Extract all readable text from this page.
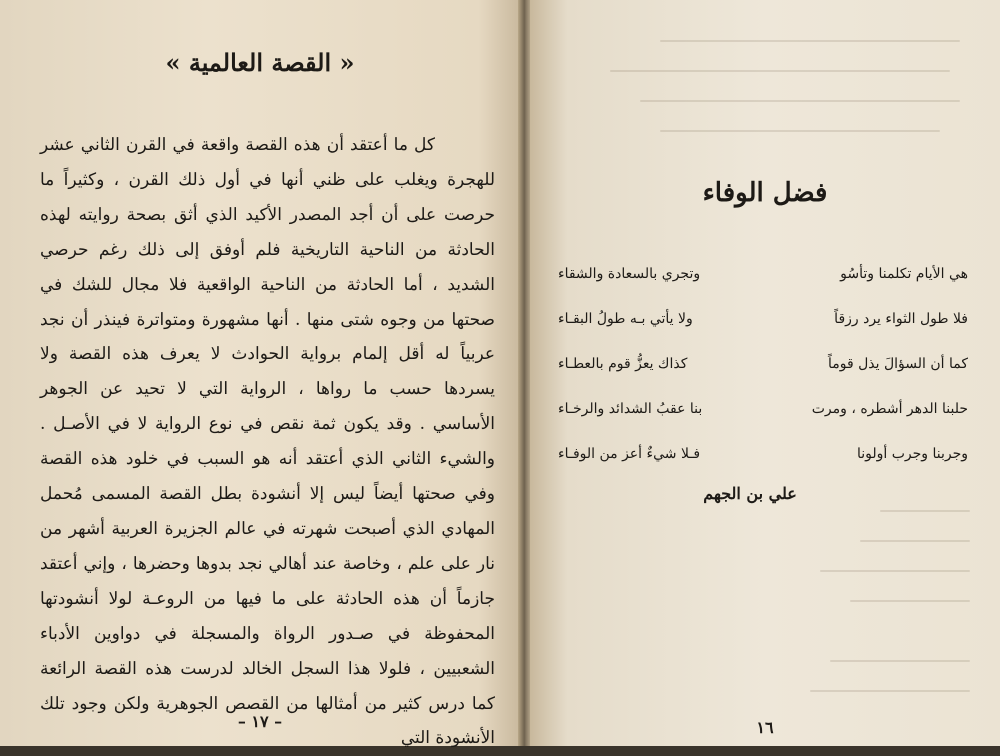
« القصة العالمية »

كل ما أعتقد أن هذه القصة واقعة في القرن الثاني عشر للهجرة ويغلب على ظني أنها في أول ذلك القرن ، وكثيراً ما حرصت على أن أجد المصدر الأكيد الذي أثق بصحة روايته لهذه الحادثة من الناحية التاريخية فلم أوفق إلى ذلك رغم حرصي الشديد ، أما الحادثة من الناحية الواقعية فلا مجال للشك في صحتها من وجوه شتى منها . أنها مشهورة ومتواترة فينذر أن نجد عربياً له أقل إلمام برواية الحوادث لا يعرف هذه القصة ولا يسردها حسب ما رواها ، الرواية التي لا تحيد عن الجوهر الأساسي . وقد يكون ثمة نقص في نوع الرواية لا في الأصـل . والشيء الثاني الذي أعتقد أنه هو السبب في خلود هذه القصة وفي صحتها أيضاً ليس إلا أنشودة بطل القصة المسمى مُحمل المهادي الذي أصبحت شهرته في عالم الجزيرة العربية أشهر من نار على علم ، وخاصة عند أهالي نجد بدوها وحضرها ، وإني أعتقد جازماً أن هذه الحادثة على ما فيها من الروعـة لولا أنشودتها المحفوظة في صـدور الرواة والمسجلة في دواوين الأدباء الشعبيين ، فلولا هذا السجل الخالد لدرست هذه القصة الرائعة كما درس كثير من أمثالها من القصص الجوهرية ولكن وجود تلك الأنشودة التي

– ١٧ –
فضل الوفاء
هي الأيام تكلمنا وتأسُو
وتجري بالسعادة والشقاء
فلا طول الثواء يرد رزقاً
ولا يأتي بـه طولُ البقـاء
كما أن السؤالَ يذل قوماً
كذاك يعزُّ قوم بالعطـاء
حلبنا الدهر أشطره ، ومرت
بنا عقبُ الشدائد والرخـاء
وجربنا وجرب أولونا
فـلا شيءٌ أعز من الوفـاء
علي بن الجهم
١٦
